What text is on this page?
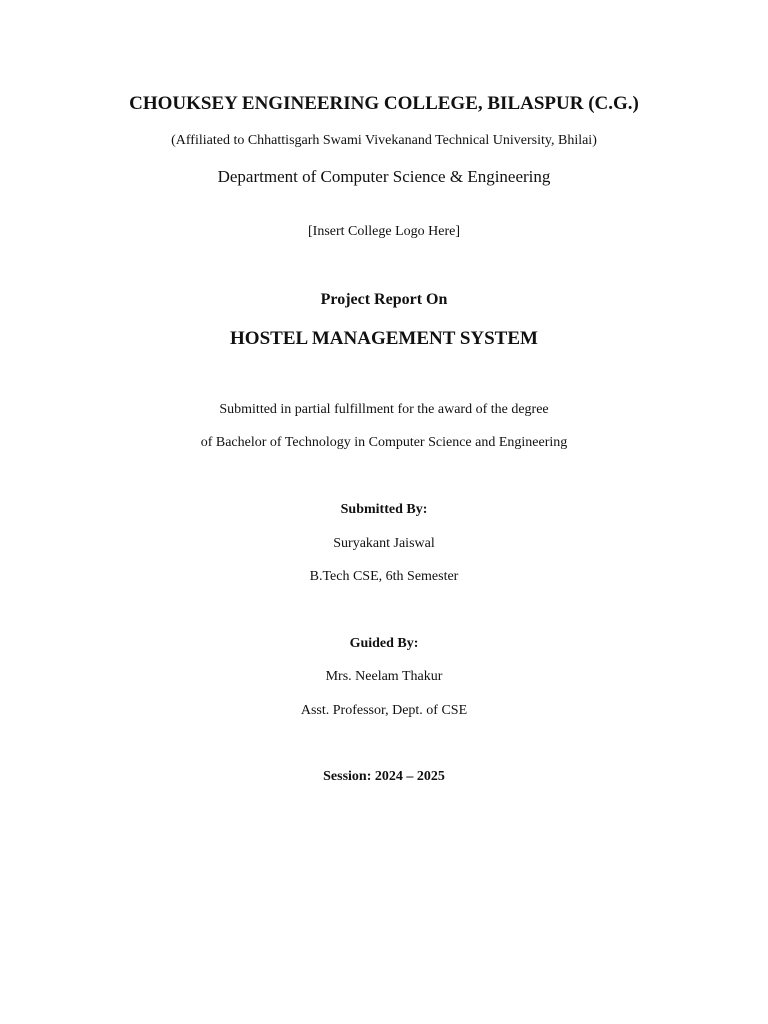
CHOUKSEY ENGINEERING COLLEGE, BILASPUR (C.G.)
(Affiliated to Chhattisgarh Swami Vivekanand Technical University, Bhilai)
Department of Computer Science & Engineering
[Insert College Logo Here]
Project Report On
HOSTEL MANAGEMENT SYSTEM
Submitted in partial fulfillment for the award of the degree
of Bachelor of Technology in Computer Science and Engineering
Submitted By:
Suryakant Jaiswal
B.Tech CSE, 6th Semester
Guided By:
Mrs. Neelam Thakur
Asst. Professor, Dept. of CSE
Session: 2024 – 2025
